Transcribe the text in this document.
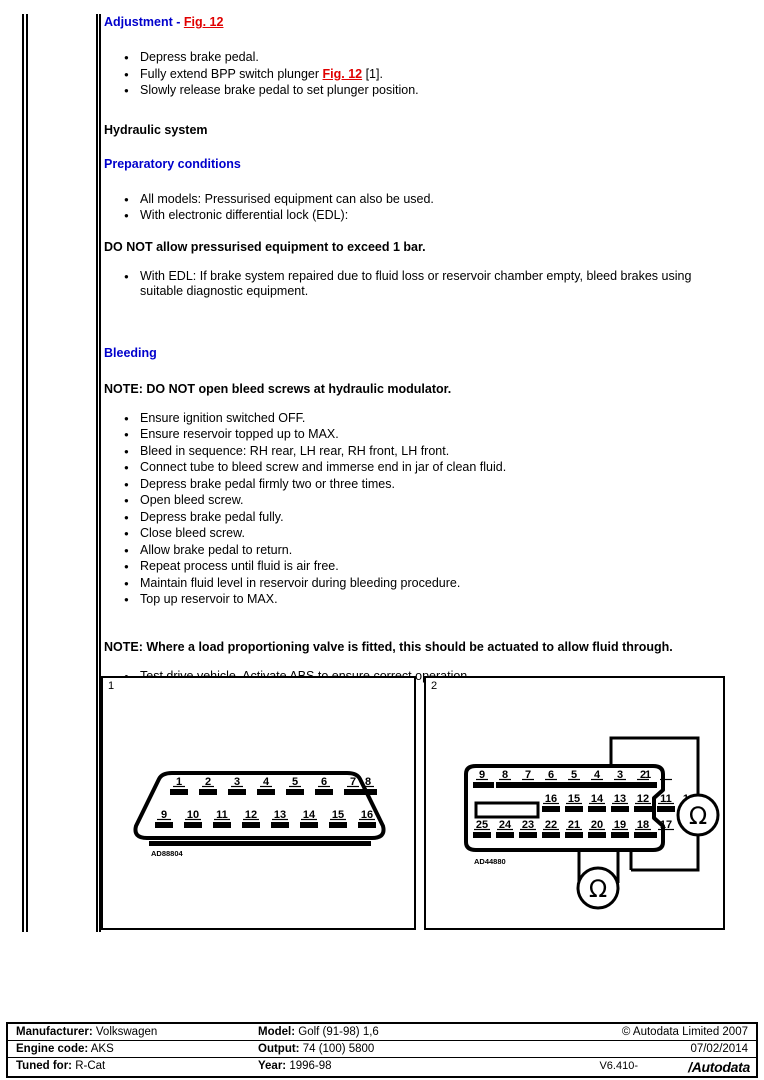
Adjustment - Fig. 12
● Depress brake pedal.
● Fully extend BPP switch plunger Fig. 12 [1].
● Slowly release brake pedal to set plunger position.
Hydraulic system
Preparatory conditions
● All models: Pressurised equipment can also be used.
● With electronic differential lock (EDL):

DO NOT allow pressurised equipment to exceed 1 bar.

● With EDL: If brake system repaired due to fluid loss or reservoir chamber empty, bleed brakes using suitable diagnostic equipment.
Bleeding

NOTE: DO NOT open bleed screws at hydraulic modulator.

● Ensure ignition switched OFF.
● Ensure reservoir topped up to MAX.
● Bleed in sequence: RH rear, LH rear, RH front, LH front.
● Connect tube to bleed screw and immerse end in jar of clean fluid.
● Depress brake pedal firmly two or three times.
● Open bleed screw.
● Depress brake pedal fully.
● Close bleed screw.
● Allow brake pedal to return.
● Repeat process until fluid is air free.
● Maintain fluid level in reservoir during bleeding procedure.
● Top up reservoir to MAX.

NOTE: Where a load proportioning valve is fitted, this should be actuated to allow fluid through.

●
1
1 2 3 4 5 6 7 8
9 10 11 12 13 14 15 16
AD88804
2
9 8 7 6 5 4 3 2
1
16 15 14 13 12 11
25 24 23 22 21 20 19 18 17
AD44880
Ω
Ω
Manufacturer: Volkswagen	Model: Golf (91-98) 1,6	© Autodata Limited 2007
Engine code: AKS	Output: 74 (100) 5800	07/02/2014
Tuned for: R-Cat	Year: 1996-98	V6.410-	/Autodata
